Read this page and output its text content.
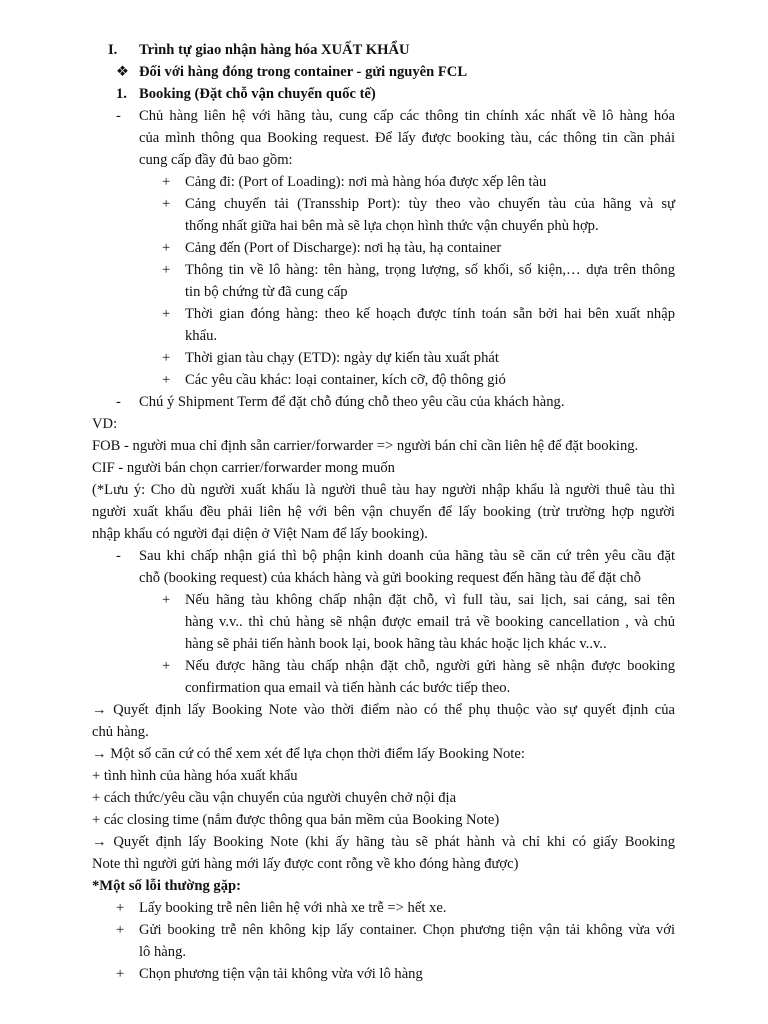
I. Trình tự giao nhận hàng hóa XUẤT KHẨU
❖ Đối với hàng đóng trong container - gửi nguyên FCL
1. Booking (Đặt chỗ vận chuyển quốc tế)
- Chủ hàng liên hệ với hãng tàu, cung cấp các thông tin chính xác nhất về lô hàng hóa
của mình thông qua Booking request. Để lấy được booking tàu, các thông tin cần phải
cung cấp đầy đủ bao gồm:
+ Cảng đi: (Port of Loading): nơi mà hàng hóa được xếp lên tàu
+ Cảng chuyển tải (Transship Port): tùy theo vào chuyến tàu của hãng và sự
thống nhất giữa hai bên mà sẽ lựa chọn hình thức vận chuyển phù hợp.
+ Cảng đến (Port of Discharge): nơi hạ tàu, hạ container
+ Thông tin về lô hàng: tên hàng, trọng lượng, số khối, số kiện,… dựa trên thông
tin bộ chứng từ đã cung cấp
+ Thời gian đóng hàng: theo kế hoạch được tính toán sẵn bởi hai bên xuất nhập
khẩu.
+ Thời gian tàu chạy (ETD): ngày dự kiến tàu xuất phát
+ Các yêu cầu khác: loại container, kích cỡ, độ thông gió
- Chú ý Shipment Term để đặt chỗ đúng chỗ theo yêu cầu của khách hàng.
VD:
FOB - người mua chỉ định sẵn carrier/forwarder => người bán chỉ cần liên hệ để đặt booking.
CIF - người bán chọn carrier/forwarder mong muốn
(*Lưu ý: Cho dù người xuất khẩu là người thuê tàu hay người nhập khẩu là người thuê tàu thì
người xuất khẩu đều phải liên hệ với bên vận chuyển để lấy booking (trừ trường hợp người
nhập khẩu có người đại diện ở Việt Nam để lấy booking).
- Sau khi chấp nhận giá thì bộ phận kinh doanh của hãng tàu sẽ căn cứ trên yêu cầu đặt
chỗ (booking request) của khách hàng và gửi booking request đến hãng tàu để đặt chỗ
+ Nếu hãng tàu không chấp nhận đặt chỗ, vì full tàu, sai lịch, sai cảng, sai tên
hàng v.v.. thì chủ hàng sẽ nhận được email trả về booking cancellation , và chủ
hàng sẽ phải tiến hành book lại, book hãng tàu khác hoặc lịch khác v..v..
+ Nếu được hãng tàu chấp nhận đặt chỗ, người gửi hàng sẽ nhận được booking
confirmation qua email và tiến hành các bước tiếp theo.
→ Quyết định lấy Booking Note vào thời điểm nào có thể phụ thuộc vào sự quyết định của
chủ hàng.
→ Một số căn cứ có thể xem xét để lựa chọn thời điểm lấy Booking Note:
+ tình hình của hàng hóa xuất khẩu
+ cách thức/yêu cầu vận chuyển của người chuyên chở nội địa
+ các closing time (nắm được thông qua bản mềm của Booking Note)
→ Quyết định lấy Booking Note (khi ấy hãng tàu sẽ phát hành và chỉ khi có giấy Booking
Note thì người gửi hàng mới lấy được cont rỗng về kho đóng hàng được)
*Một số lỗi thường gặp:
+ Lấy booking trễ nên liên hệ với nhà xe trễ => hết xe.
+ Gửi booking trễ nên không kịp lấy container. Chọn phương tiện vận tải không vừa với
lô hàng.
+ Chọn phương tiện vận tải không vừa với lô hàng
